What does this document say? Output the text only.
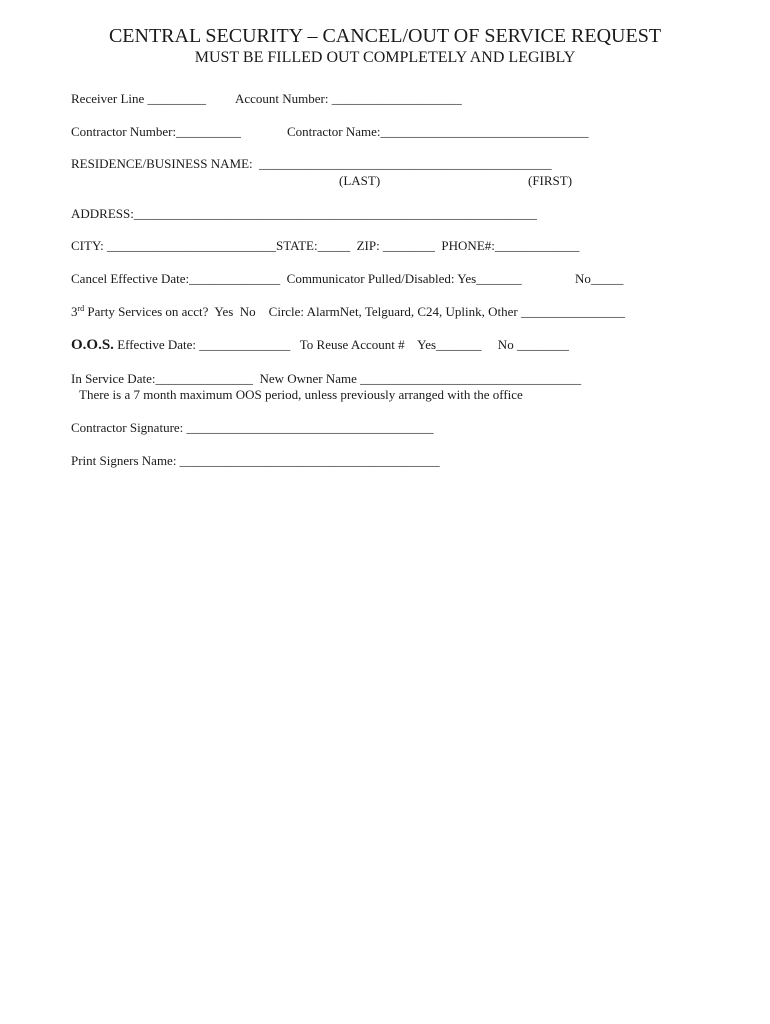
CENTRAL SECURITY – CANCEL/OUT OF SERVICE REQUEST
MUST BE FILLED OUT COMPLETELY AND LEGIBLY
Receiver Line _________ Account Number: ____________________
Contractor Number:__________	Contractor Name:________________________________
RESIDENCE/BUSINESS NAME:  _____________________________________________
(LAST)	(FIRST)
ADDRESS:______________________________________________________________
CITY: __________________________STATE:_____  ZIP: ________  PHONE#:_____________
Cancel Effective Date:______________  Communicator Pulled/Disabled: Yes_______	No_____
3rd Party Services on acct?  Yes  No    Circle: AlarmNet, Telguard, C24, Uplink, Other ________________
O.O.S. Effective Date: ______________   To Reuse Account #    Yes_______     No ________
In Service Date:_______________  New Owner Name __________________________________
There is a 7 month maximum OOS period, unless previously arranged with the office
Contractor Signature: ______________________________________
Print Signers Name: ________________________________________
